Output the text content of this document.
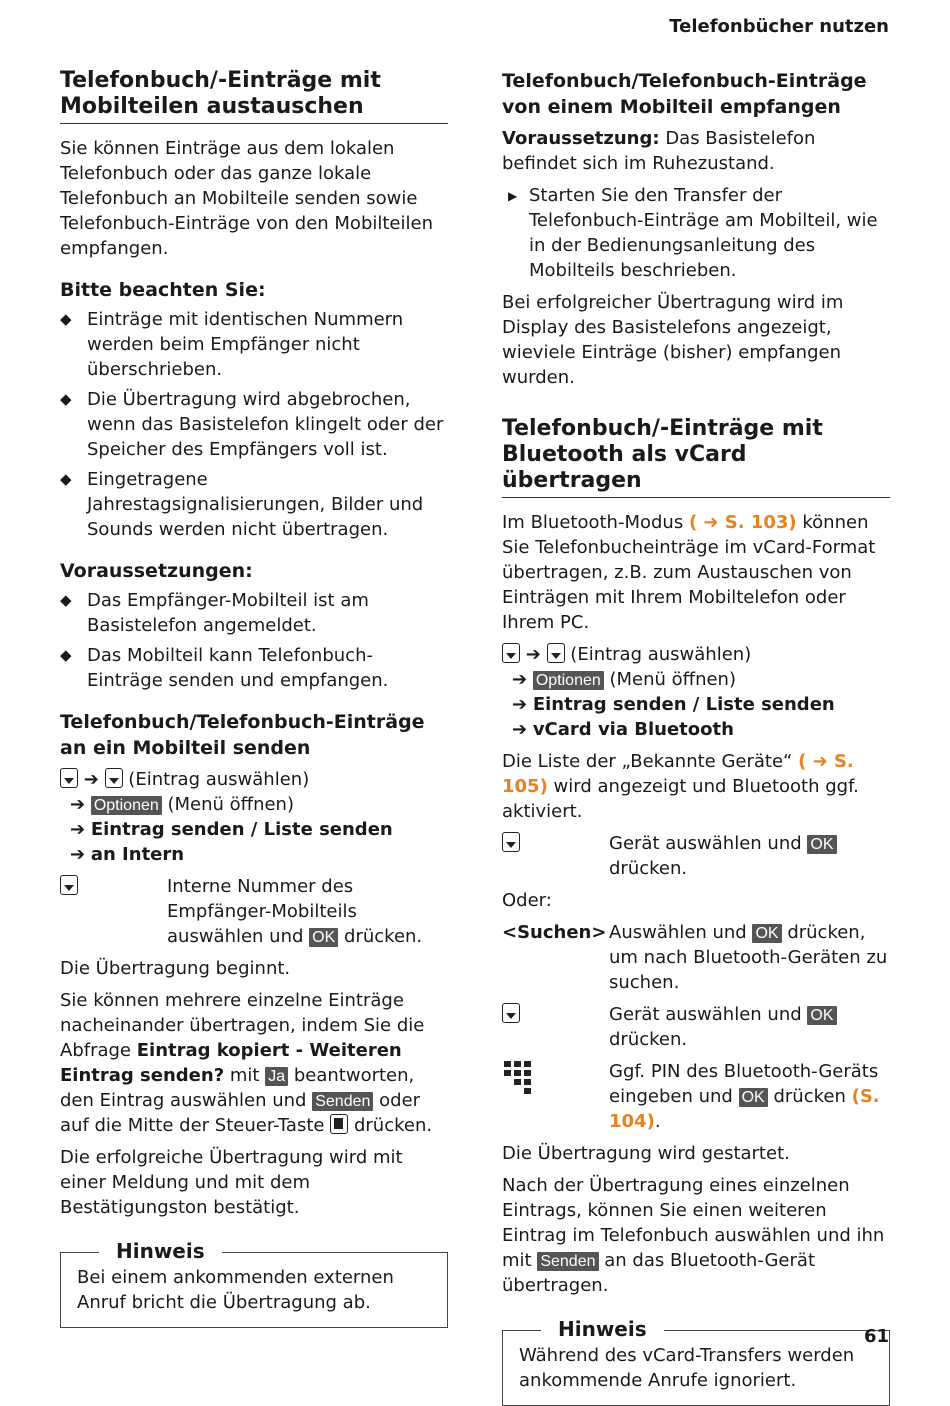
Telefonbücher nutzen
Telefonbuch/-Einträge mit Mobilteilen austauschen

Sie können Einträge aus dem lokalen Telefonbuch oder das ganze lokale Telefonbuch an Mobilteile senden sowie Telefonbuch-Einträge von den Mobilteilen empfangen.

Bitte beachten Sie:
◆ Einträge mit identischen Nummern werden beim Empfänger nicht überschrieben.
◆ Die Übertragung wird abgebrochen, wenn das Basistelefon klingelt oder der Speicher des Empfängers voll ist.
◆ Eingetragene Jahrestagsignalisierungen, Bilder und Sounds werden nicht übertragen.
Voraussetzungen:
◆ Das Empfänger-Mobilteil ist am Basistelefon angemeldet.
◆ Das Mobilteil kann Telefonbuch-Einträge senden und empfangen.
Telefonbuch/Telefonbuch-Einträge an ein Mobilteil senden

➔ (Eintrag auswählen)

➔ Optionen (Menü öffnen)

➔ Eintrag senden / Liste senden

➔ an Intern

Interne Nummer des Empfänger-Mobilteils auswählen und OK drücken.

Die Übertragung beginnt.

Sie können mehrere einzelne Einträge nacheinander übertragen, indem Sie die Abfrage Eintrag kopiert - Weiteren Eintrag senden? mit Ja beantworten, den Eintrag auswählen und Senden oder auf die Mitte der Steuer-Taste drücken.

Die erfolgreiche Übertragung wird mit einer Meldung und mit dem Bestätigungston bestätigt.

Hinweis
Bei einem ankommenden externen Anruf bricht die Übertragung ab.
Telefonbuch/Telefonbuch-Einträge von einem Mobilteil empfangen

Voraussetzung: Das Basistelefon befindet sich im Ruhezustand.

▶ Starten Sie den Transfer der Telefonbuch-Einträge am Mobilteil, wie in der Bedienungsanleitung des Mobilteils beschrieben.

Bei erfolgreicher Übertragung wird im Display des Basistelefons angezeigt, wieviele Einträge (bisher) empfangen wurden.

Telefonbuch/-Einträge mit Bluetooth als vCard übertragen

Im Bluetooth-Modus ( ➜ S. 103) können Sie Telefonbucheinträge im vCard-Format übertragen, z.B. zum Austauschen von Einträgen mit Ihrem Mobiltelefon oder Ihrem PC.

➔ (Eintrag auswählen)

➔ Optionen (Menü öffnen)

➔ Eintrag senden / Liste senden

➔ vCard via Bluetooth

Die Liste der „Bekannte Geräte“ ( ➜ S. 105) wird angezeigt und Bluetooth ggf. aktiviert.

Gerät auswählen und OK drücken.

Oder:

<Suchen> Auswählen und OK drücken, um nach Bluetooth-Geräten zu suchen.
Gerät auswählen und OK drücken.
Ggf. PIN des Bluetooth-Geräts eingeben und OK drücken (S. 104).

Die Übertragung wird gestartet.

Nach der Übertragung eines einzelnen Eintrags, können Sie einen weiteren Eintrag im Telefonbuch auswählen und ihn mit Senden an das Bluetooth-Gerät übertragen.

Hinweis
Während des vCard-Transfers werden ankommende Anrufe ignoriert.
61
